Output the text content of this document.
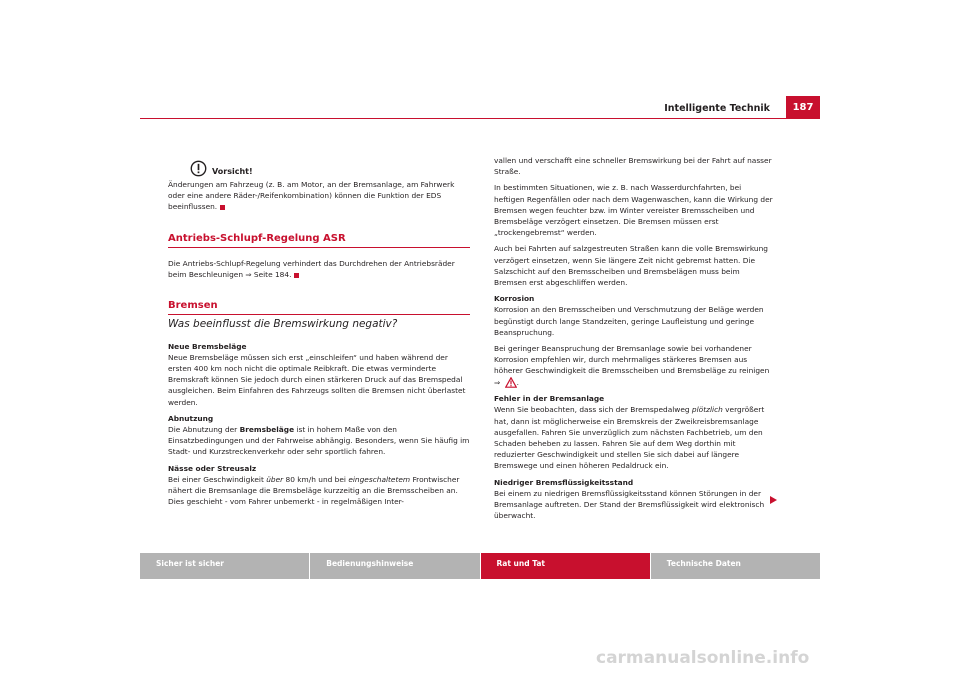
Intelligente Technik	187
Vorsicht!

Änderungen am Fahrzeug (z. B. am Motor, an der Bremsanlage, am Fahrwerk oder eine andere Räder-/Reifenkombination) können die Funktion der EDS beeinflussen.

Antriebs-Schlupf-Regelung ASR

Die Antriebs-Schlupf-Regelung verhindert das Durchdrehen der Antriebsräder beim Beschleunigen ⇒ Seite 184.

Bremsen
Was beeinflusst die Bremswirkung negativ?

Neue Bremsbeläge

Neue Bremsbeläge müssen sich erst „einschleifen“ und haben während der ersten 400 km noch nicht die optimale Reibkraft. Die etwas verminderte Bremskraft können Sie jedoch durch einen stärkeren Druck auf das Bremspedal ausgleichen. Beim Einfahren des Fahrzeugs sollten die Bremsen nicht überlastet werden.

Abnutzung

Die Abnutzung der Bremsbeläge ist in hohem Maße von den Einsatzbedingungen und der Fahrweise abhängig. Besonders, wenn Sie häufig im Stadt- und Kurzstreckenverkehr oder sehr sportlich fahren.

Nässe oder Streusalz

Bei einer Geschwindigkeit über 80 km/h und bei eingeschaltetem Frontwischer nähert die Bremsanlage die Bremsbeläge kurzzeitig an die Bremsscheiben an. Dies geschieht - vom Fahrer unbemerkt - in regelmäßigen Inter-

vallen und verschafft eine schneller Bremswirkung bei der Fahrt auf nasser Straße.

In bestimmten Situationen, wie z. B. nach Wasserdurchfahrten, bei heftigen Regenfällen oder nach dem Wagenwaschen, kann die Wirkung der Bremsen wegen feuchter bzw. im Winter vereister Bremsscheiben und Bremsbeläge verzögert einsetzen. Die Bremsen müssen erst „trockengebremst“ werden.

Auch bei Fahrten auf salzgestreuten Straßen kann die volle Bremswirkung verzögert einsetzen, wenn Sie längere Zeit nicht gebremst hatten. Die Salzschicht auf den Bremsscheiben und Bremsbelägen muss beim Bremsen erst abgeschliffen werden.

Korrosion

Korrosion an den Bremsscheiben und Verschmutzung der Beläge werden begünstigt durch lange Standzeiten, geringe Laufleistung und geringe Beanspruchung.

Bei geringer Beanspruchung der Bremsanlage sowie bei vorhandener Korrosion empfehlen wir, durch mehrmaliges stärkeres Bremsen aus höherer Geschwindigkeit die Bremsscheiben und Bremsbeläge zu reinigen ⇒ .

Fehler in der Bremsanlage

Wenn Sie beobachten, dass sich der Bremspedalweg plötzlich vergrößert hat, dann ist möglicherweise ein Bremskreis der Zweikreisbremsanlage ausgefallen. Fahren Sie unverzüglich zum nächsten Fachbetrieb, um den Schaden beheben zu lassen. Fahren Sie auf dem Weg dorthin mit reduzierter Geschwindigkeit und stellen Sie sich dabei auf längere Bremswege und einen höheren Pedaldruck ein.

Niedriger Bremsflüssigkeitsstand

Bei einem zu niedrigen Bremsflüssigkeitsstand können Störungen in der Bremsanlage auftreten. Der Stand der Bremsflüssigkeit wird elektronisch überwacht.

Sicher ist sicher	Bedienungshinweise	Rat und Tat	Technische Daten
carmanualsonline.info
